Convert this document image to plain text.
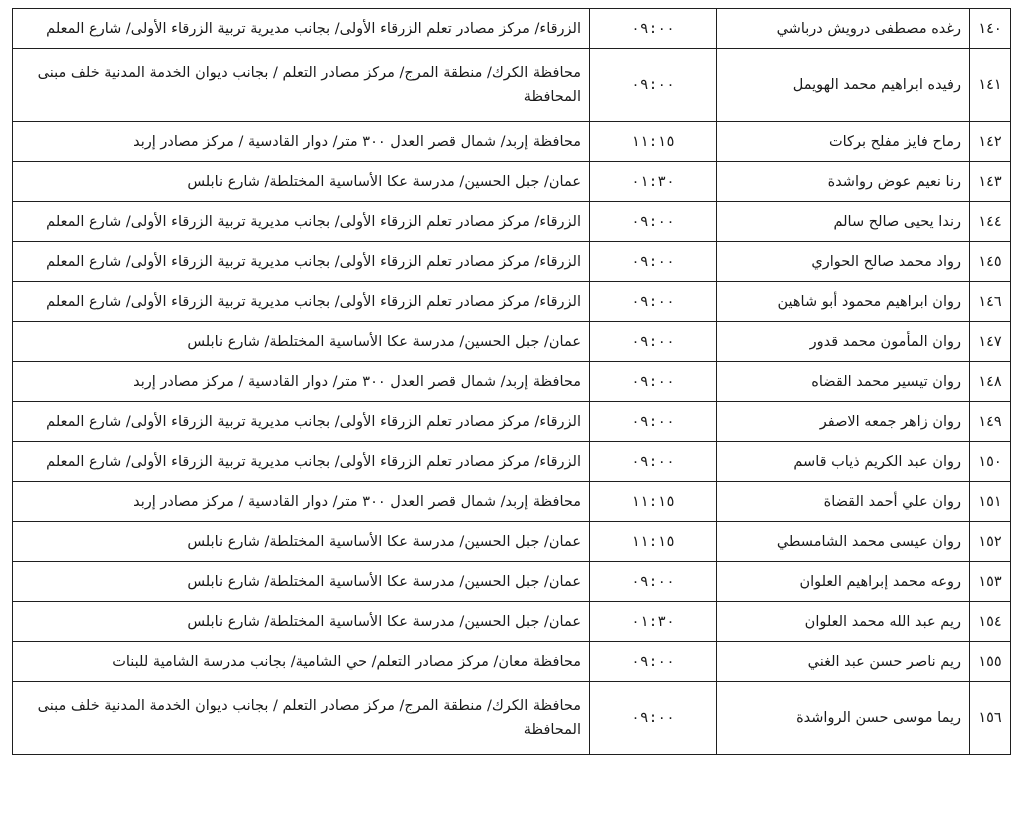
١٤٠	رغده مصطفى درويش درباشي	٠٩:٠٠	الزرقاء/ مركز مصادر تعلم الزرقاء الأولى/ بجانب مديرية تربية الزرقاء الأولى/ شارع المعلم
١٤١	رفيده ابراهيم محمد الهويمل	٠٩:٠٠	محافظة الكرك/ منطقة المرج/ مركز مصادر التعلم / بجانب ديوان الخدمة المدنية خلف مبنى المحافظة
١٤٢	رماح فايز مفلح بركات	١١:١٥	محافظة إربد/ شمال قصر العدل ٣٠٠ متر/ دوار القادسية / مركز مصادر إربد
١٤٣	رنا نعيم عوض رواشدة	٠١:٣٠	عمان/ جبل الحسين/ مدرسة عكا الأساسية المختلطة/ شارع نابلس
١٤٤	رندا يحيى صالح سالم	٠٩:٠٠	الزرقاء/ مركز مصادر تعلم الزرقاء الأولى/ بجانب مديرية تربية الزرقاء الأولى/ شارع المعلم
١٤٥	رواد محمد صالح الحواري	٠٩:٠٠	الزرقاء/ مركز مصادر تعلم الزرقاء الأولى/ بجانب مديرية تربية الزرقاء الأولى/ شارع المعلم
١٤٦	روان ابراهيم محمود أبو شاهين	٠٩:٠٠	الزرقاء/ مركز مصادر تعلم الزرقاء الأولى/ بجانب مديرية تربية الزرقاء الأولى/ شارع المعلم
١٤٧	روان المأمون محمد قدور	٠٩:٠٠	عمان/ جبل الحسين/ مدرسة عكا الأساسية المختلطة/ شارع نابلس
١٤٨	روان تيسير محمد القضاه	٠٩:٠٠	محافظة إربد/ شمال قصر العدل ٣٠٠ متر/ دوار القادسية / مركز مصادر إربد
١٤٩	روان زاهر جمعه الاصفر	٠٩:٠٠	الزرقاء/ مركز مصادر تعلم الزرقاء الأولى/ بجانب مديرية تربية الزرقاء الأولى/ شارع المعلم
١٥٠	روان عبد الكريم ذياب قاسم	٠٩:٠٠	الزرقاء/ مركز مصادر تعلم الزرقاء الأولى/ بجانب مديرية تربية الزرقاء الأولى/ شارع المعلم
١٥١	روان علي أحمد القضاة	١١:١٥	محافظة إربد/ شمال قصر العدل ٣٠٠ متر/ دوار القادسية / مركز مصادر إربد
١٥٢	روان عيسى محمد الشامسطي	١١:١٥	عمان/ جبل الحسين/ مدرسة عكا الأساسية المختلطة/ شارع نابلس
١٥٣	روعه محمد إبراهيم العلوان	٠٩:٠٠	عمان/ جبل الحسين/ مدرسة عكا الأساسية المختلطة/ شارع نابلس
١٥٤	ريم عبد الله محمد العلوان	٠١:٣٠	عمان/ جبل الحسين/ مدرسة عكا الأساسية المختلطة/ شارع نابلس
١٥٥	ريم ناصر حسن عبد الغني	٠٩:٠٠	محافظة معان/ مركز مصادر التعلم/ حي الشامية/ بجانب مدرسة الشامية للبنات
١٥٦	ريما موسى حسن الرواشدة	٠٩:٠٠	محافظة الكرك/ منطقة المرج/ مركز مصادر التعلم / بجانب ديوان الخدمة المدنية خلف مبنى المحافظة
